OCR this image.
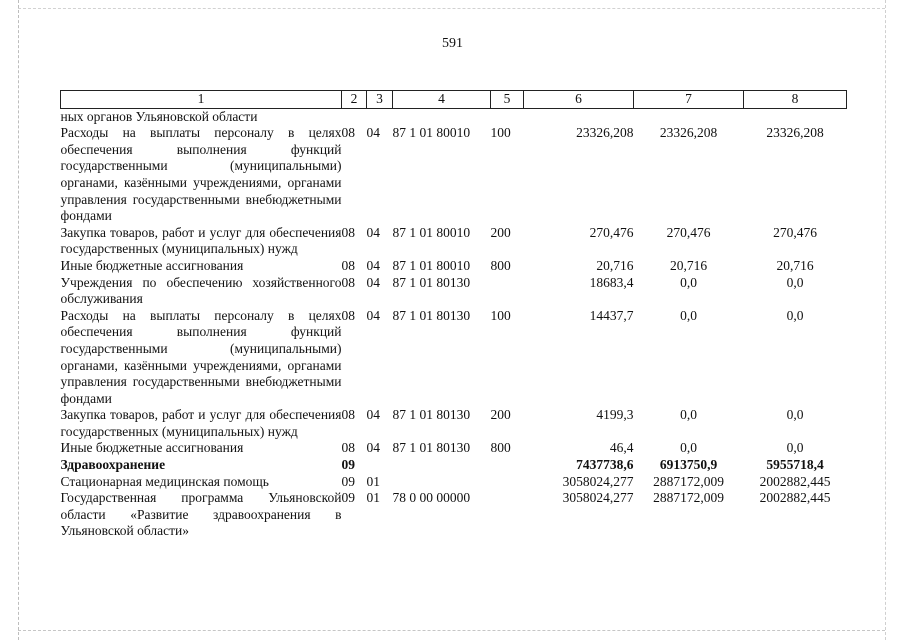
591
1	2	3	4	5	6	7	8
ных органов Ульяновской области							
Расходы на выплаты персоналу в целях обеспечения выполнения функций государственными (муниципальными) органами, казёнными учреждениями, органами управления государственными внебюджетными фондами	08	04	87 1 01 80010	100	23326,208	23326,208	23326,208
Закупка товаров, работ и услуг для обеспечения государственных (муниципальных) нужд	08	04	87 1 01 80010	200	270,476	270,476	270,476
Иные бюджетные ассигнования	08	04	87 1 01 80010	800	20,716	20,716	20,716
Учреждения по обеспечению хозяйственного обслуживания	08	04	87 1 01 80130		18683,4	0,0	0,0
Расходы на выплаты персоналу в целях обеспечения выполнения функций государственными (муниципальными) органами, казёнными учреждениями, органами управления государственными внебюджетными фондами	08	04	87 1 01 80130	100	14437,7	0,0	0,0
Закупка товаров, работ и услуг для обеспечения государственных (муниципальных) нужд	08	04	87 1 01 80130	200	4199,3	0,0	0,0
Иные бюджетные ассигнования	08	04	87 1 01 80130	800	46,4	0,0	0,0
Здравоохранение	09				7437738,6	6913750,9	5955718,4
Стационарная медицинская помощь	09	01			3058024,277	2887172,009	2002882,445
Государственная программа Ульяновской области «Развитие здравоохранения в Ульяновской области»	09	01	78 0 00 00000		3058024,277	2887172,009	2002882,445
